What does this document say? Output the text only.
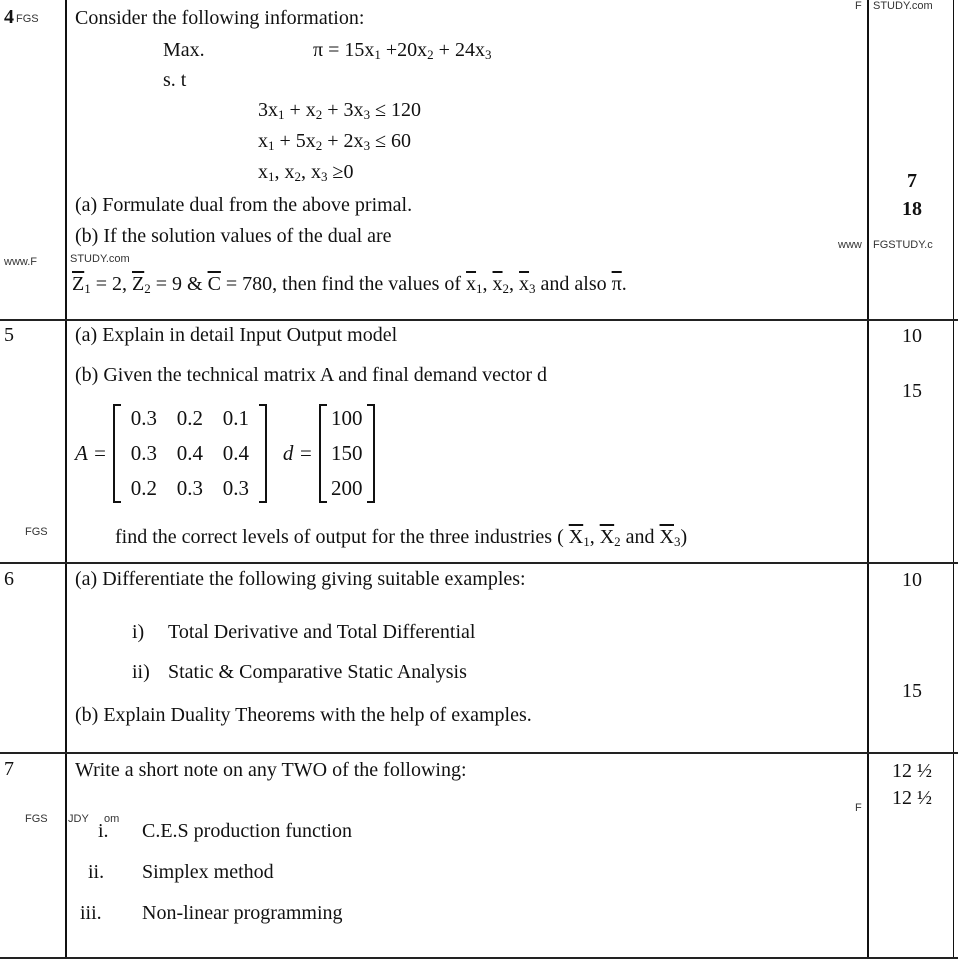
FGS
F STUDY.com
www.F	STUDY.com
www FGSTUDY.c
FGS
FGS JDY om
F
4	Consider the following information:
Max.	$\pi = 15x_1 +20x_2 + 24x_3$
s. t
$3x_1 + x_2 + 3x_3 \le 120$
$x_1 + 5x_2 + 2x_3 \le 60$
$x_1$, $x_2$, $x_3 \ge 0$
(a) Formulate dual from the above primal.
(b) If the solution values of the dual are
$\overline{Z}_1 = 2$, $\overline{Z}_2 = 9$ & $\overline{C} = 780$, then find the values of $\overline{x}_1$, $\overline{x}_2$, $\overline{x}_3$ and also $\overline{\pi}$.
7
18
5	(a) Explain in detail Input Output model
(b) Given the technical matrix A and final demand vector d
A =
0.3 0.2 0.1
0.3 0.4 0.4
0.2 0.3 0.3
d =
100
150
200
find the correct levels of output for the three industries ( $\overline{X}_1$, $\overline{X}_2$ and $\overline{X}_3$)
10
15
6	(a) Differentiate the following giving suitable examples:
i) Total Derivative and Total Differential
ii) Static & Comparative Static Analysis
(b) Explain Duality Theorems with the help of examples.
10
15
7	Write a short note on any TWO of the following:
i. C.E.S production function
ii. Simplex method
iii. Non-linear programming
12 ½
12 ½
